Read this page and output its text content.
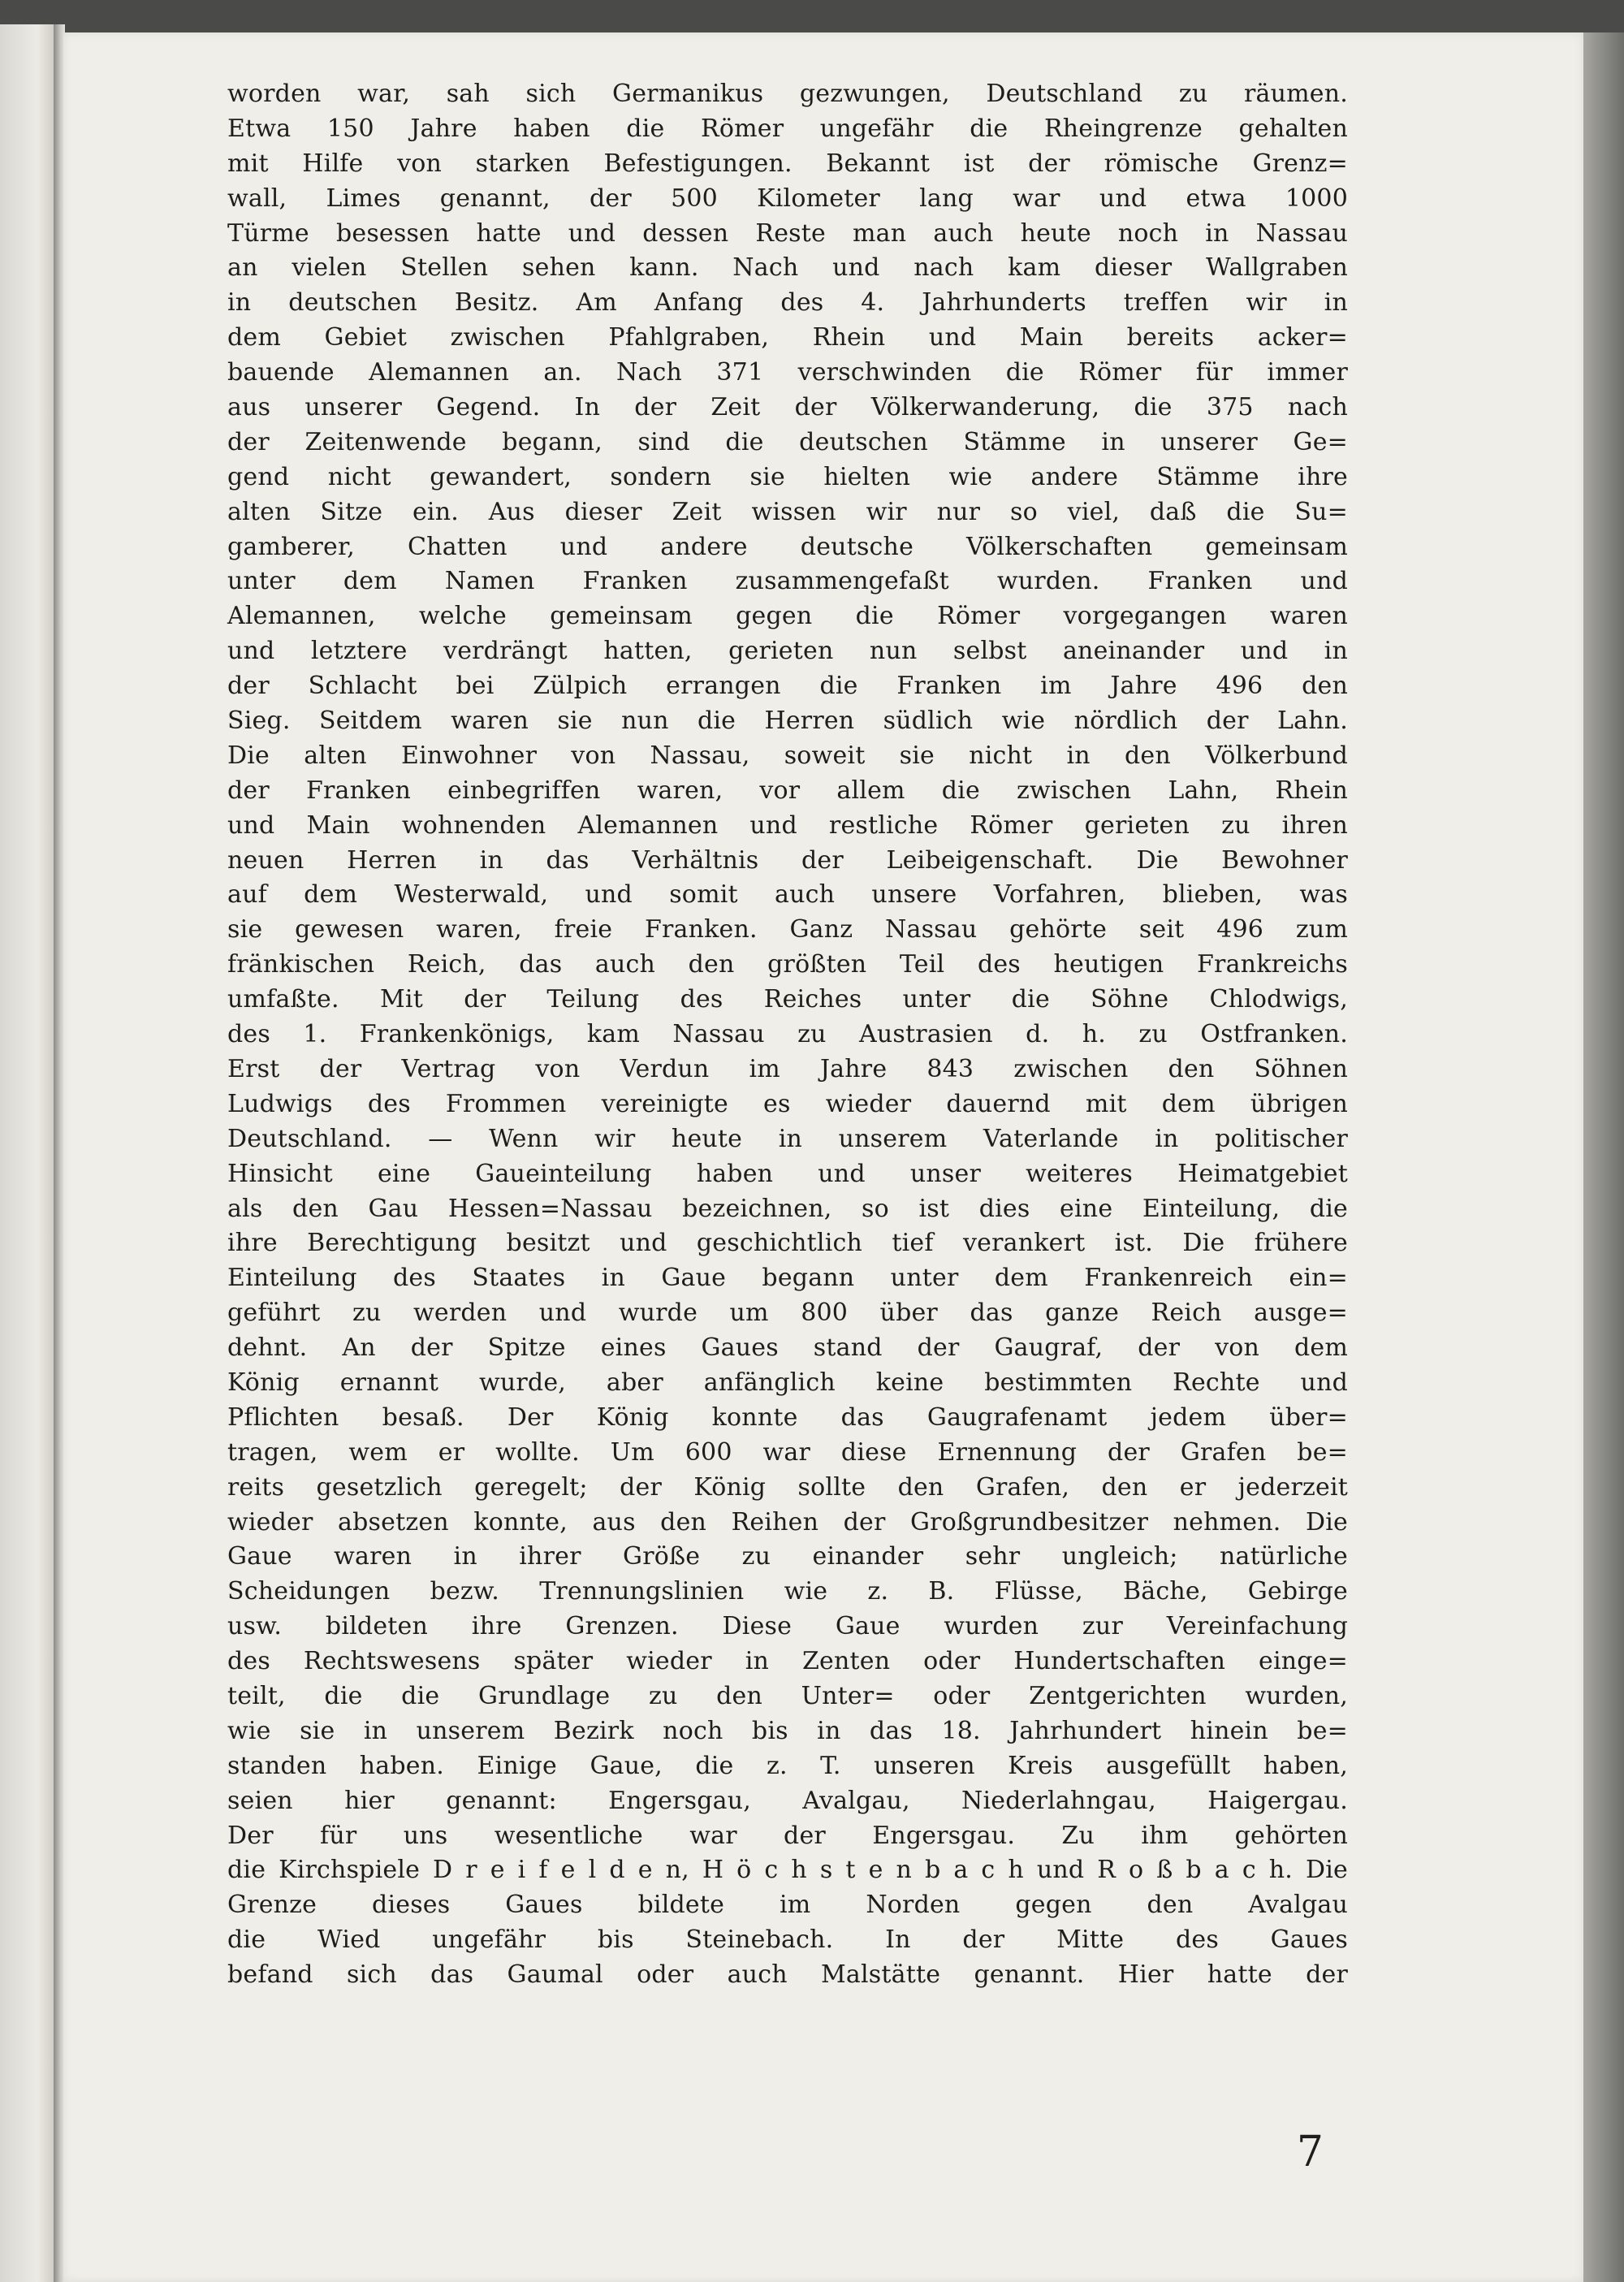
worden war, sah sich Germanikus gezwungen, Deutschland zu räumen.
Etwa 150 Jahre haben die Römer ungefähr die Rheingrenze gehalten
mit Hilfe von starken Befestigungen. Bekannt ist der römische Grenz=
wall, Limes genannt, der 500 Kilometer lang war und etwa 1000
Türme besessen hatte und dessen Reste man auch heute noch in Nassau
an vielen Stellen sehen kann. Nach und nach kam dieser Wallgraben
in deutschen Besitz. Am Anfang des 4. Jahrhunderts treffen wir in
dem Gebiet zwischen Pfahlgraben, Rhein und Main bereits acker=
bauende Alemannen an. Nach 371 verschwinden die Römer für immer
aus unserer Gegend. In der Zeit der Völkerwanderung, die 375 nach
der Zeitenwende begann, sind die deutschen Stämme in unserer Ge=
gend nicht gewandert, sondern sie hielten wie andere Stämme ihre
alten Sitze ein. Aus dieser Zeit wissen wir nur so viel, daß die Su=
gamberer, Chatten und andere deutsche Völkerschaften gemeinsam
unter dem Namen Franken zusammengefaßt wurden. Franken und
Alemannen, welche gemeinsam gegen die Römer vorgegangen waren
und letztere verdrängt hatten, gerieten nun selbst aneinander und in
der Schlacht bei Zülpich errangen die Franken im Jahre 496 den
Sieg. Seitdem waren sie nun die Herren südlich wie nördlich der Lahn.
Die alten Einwohner von Nassau, soweit sie nicht in den Völkerbund
der Franken einbegriffen waren, vor allem die zwischen Lahn, Rhein
und Main wohnenden Alemannen und restliche Römer gerieten zu ihren
neuen Herren in das Verhältnis der Leibeigenschaft. Die Bewohner
auf dem Westerwald, und somit auch unsere Vorfahren, blieben, was
sie gewesen waren, freie Franken. Ganz Nassau gehörte seit 496 zum
fränkischen Reich, das auch den größten Teil des heutigen Frankreichs
umfaßte. Mit der Teilung des Reiches unter die Söhne Chlodwigs,
des 1. Frankenkönigs, kam Nassau zu Austrasien d. h. zu Ostfranken.
Erst der Vertrag von Verdun im Jahre 843 zwischen den Söhnen
Ludwigs des Frommen vereinigte es wieder dauernd mit dem übrigen
Deutschland. — Wenn wir heute in unserem Vaterlande in politischer
Hinsicht eine Gaueinteilung haben und unser weiteres Heimatgebiet
als den Gau Hessen=Nassau bezeichnen, so ist dies eine Einteilung, die
ihre Berechtigung besitzt und geschichtlich tief verankert ist. Die frühere
Einteilung des Staates in Gaue begann unter dem Frankenreich ein=
geführt zu werden und wurde um 800 über das ganze Reich ausge=
dehnt. An der Spitze eines Gaues stand der Gaugraf, der von dem
König ernannt wurde, aber anfänglich keine bestimmten Rechte und
Pflichten besaß. Der König konnte das Gaugrafenamt jedem über=
tragen, wem er wollte. Um 600 war diese Ernennung der Grafen be=
reits gesetzlich geregelt; der König sollte den Grafen, den er jederzeit
wieder absetzen konnte, aus den Reihen der Großgrundbesitzer nehmen. Die
Gaue waren in ihrer Größe zu einander sehr ungleich; natürliche
Scheidungen bezw. Trennungslinien wie z. B. Flüsse, Bäche, Gebirge
usw. bildeten ihre Grenzen. Diese Gaue wurden zur Vereinfachung
des Rechtswesens später wieder in Zenten oder Hundertschaften einge=
teilt, die die Grundlage zu den Unter= oder Zentgerichten wurden,
wie sie in unserem Bezirk noch bis in das 18. Jahrhundert hinein be=
standen haben. Einige Gaue, die z. T. unseren Kreis ausgefüllt haben,
seien hier genannt: Engersgau, Avalgau, Niederlahngau, Haigergau.
Der für uns wesentliche war der Engersgau. Zu ihm gehörten
die Kirchspiele D r e i f e l d e n, H ö c h s t e n b a c h und R o ß b a c h. Die
Grenze dieses Gaues bildete im Norden gegen den Avalgau
die Wied ungefähr bis Steinebach. In der Mitte des Gaues
befand sich das Gaumal oder auch Malstätte genannt. Hier hatte der
7
